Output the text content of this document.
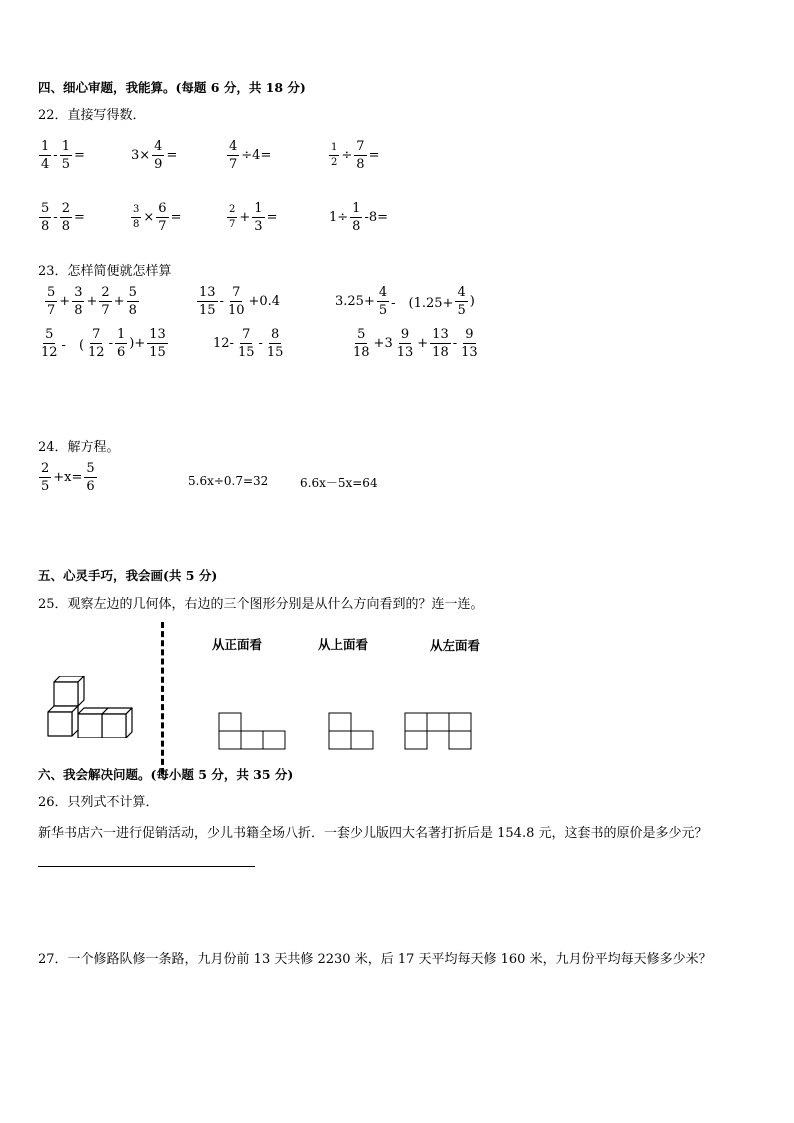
四、细心审题，我能算。(每题 6 分，共 18 分)
22．直接写得数．
$\frac{1}{4} - \frac{1}{5}$ =	$3\times \frac{4}{9}$ =	$\frac{4}{7} \div 4=$	$\frac{1}{2} \div \frac{7}{8}$ =
$\frac{5}{8} - \frac{2}{8}$ =	$\frac{3}{8} \times \frac{6}{7}$ =	$\frac{2}{7} + \frac{1}{3}$ =	$1\div \frac{1}{8} -8=$
23．怎样简便就怎样算
$\frac{5}{7} + \frac{3}{8} + \frac{2}{7} + \frac{5}{8}$	$\frac{13}{15} - \frac{7}{10} +0.4$	$3.25+ \frac{4}{5}$ -　($1.25+ \frac{4}{5}$ )
$\frac{5}{12}$ -　( $\frac{7}{12} - \frac{1}{6}$ )+ $\frac{13}{15}$	$12- \frac{7}{15} - \frac{8}{15}$	$\frac{5}{18} +3 \frac{9}{13} + \frac{13}{18} - \frac{9}{13}$
24．解方程。
$\frac{2}{5} +x= \frac{5}{6}$	5.6x÷0.7=32	6.6x－5x=64
五、心灵手巧，我会画(共 5 分)
25．观察左边的几何体，右边的三个图形分别是从什么方向看到的？连一连。
从正面看	从上面看	从左面看
六、我会解决问题。(每小题 5 分，共 35 分)
26．只列式不计算．
新华书店六一进行促销活动，少儿书籍全场八折．一套少儿版四大名著打折后是 154.8 元，这套书的原价是多少元？
27．一个修路队修一条路，九月份前 13 天共修 2230 米，后 17 天平均每天修 160 米，九月份平均每天修多少米？
